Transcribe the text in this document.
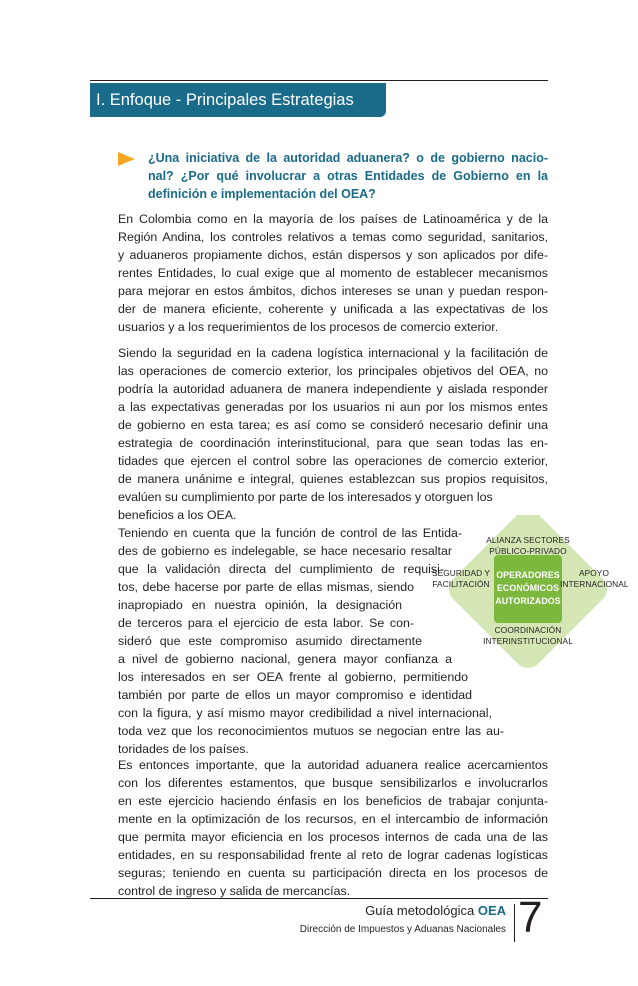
I. Enfoque - Principales Estrategias

¿Una iniciativa de la autoridad aduanera? o de gobierno nacio-
nal? ¿Por qué involucrar a otras Entidades de Gobierno en la
definición e implementación del OEA?

En Colombia como en la mayoría de los países de Latinoamérica y de la
Región Andina, los controles relativos a temas como seguridad, sanitarios,
y aduaneros propiamente dichos, están dispersos y son aplicados por dife-
rentes Entidades, lo cual exige que al momento de establecer mecanismos
para mejorar en estos ámbitos, dichos intereses se unan y puedan respon-
der de manera eficiente, coherente y unificada a las expectativas de los
usuarios y a los requerimientos de los procesos de comercio exterior.
Siendo la seguridad en la cadena logística internacional y la facilitación de
las operaciones de comercio exterior, los principales objetivos del OEA, no
podría la autoridad aduanera de manera independiente y aislada responder
a las expectativas generadas por los usuarios ni aun por los mismos entes
de gobierno en esta tarea; es así como se consideró necesario definir una
estrategia de coordinación interinstitucional, para que sean todas las en-
tidades que ejercen el control sobre las operaciones de comercio exterior,
de manera unánime e integral, quienes establezcan sus propios requisitos,
evalúen su cumplimiento por parte de los interesados y otorguen los
beneficios a los OEA.
Teniendo en cuenta que la función de control de las Entida-
des de gobierno es indelegable, se hace necesario resaltar
que la validación directa del cumplimiento de requisi-
tos, debe hacerse por parte de ellas mismas, siendo
inapropiado en nuestra opinión, la designación
de terceros para el ejercicio de esta labor. Se con-
sideró que este compromiso asumido directamente
a nivel de gobierno nacional, genera mayor confianza a
los interesados en ser OEA frente al gobierno, permitiendo
también por parte de ellos un mayor compromiso e identidad
con la figura, y así mismo mayor credibilidad a nivel internacional,
toda vez que los reconocimientos mutuos se negocian entre las au-
toridades de los países.
ALIANZA SECTORES
PÚBLICO-PRIVADO
SEGURIDAD Y
FACILITACIÓN
APOYO
INTERNACIONAL
COORDINACIÓN
INTERINSTITUCIONAL
OPERADORES
ECONÓMICOS
AUTORIZADOS
Es entonces importante, que la autoridad aduanera realice acercamientos
con los diferentes estamentos, que busque sensibilizarlos e involucrarlos
en este ejercicio haciendo énfasis en los beneficios de trabajar conjunta-
mente en la optimización de los recursos, en el intercambio de información
que permita mayor eficiencia en los procesos internos de cada una de las
entidades, en su responsabilidad frente al reto de lograr cadenas logísticas
seguras; teniendo en cuenta su participación directa en los procesos de
control de ingreso y salida de mercancías.
Guía metodológica OEA
Dirección de Impuestos y Aduanas Nacionales 7
